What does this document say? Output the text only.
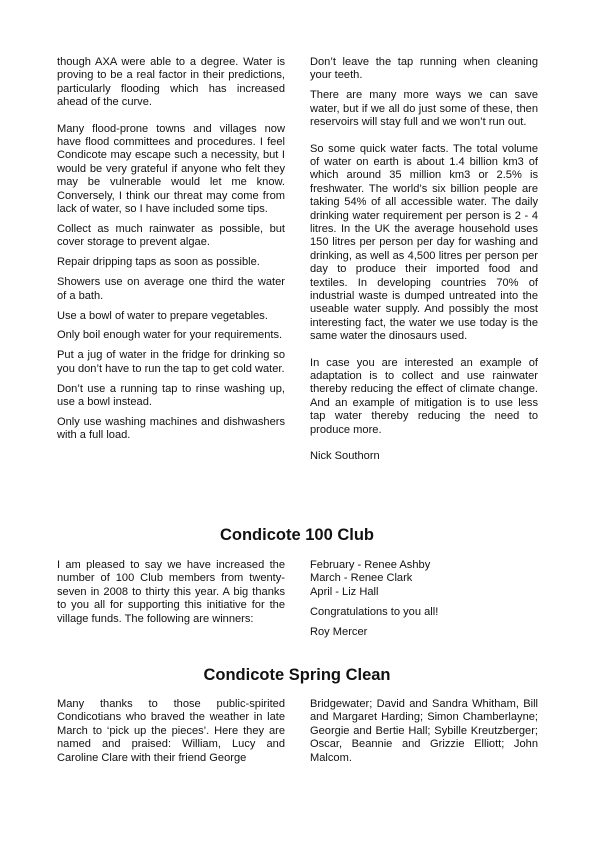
though AXA were able to a degree. Water is proving to be a real factor in their predictions, particularly flooding which has increased ahead of the curve.

Many flood-prone towns and villages now have flood committees and procedures. I feel Condicote may escape such a necessity, but I would be very grateful if anyone who felt they may be vulnerable would let me know. Conversely, I think our threat may come from lack of water, so I have included some tips.

Collect as much rainwater as possible, but cover storage to prevent algae.

Repair dripping taps as soon as possible.

Showers use on average one third the water of a bath.

Use a bowl of water to prepare vegetables.

Only boil enough water for your requirements.

Put a jug of water in the fridge for drinking so you don’t have to run the tap to get cold water.

Don’t use a running tap to rinse washing up, use a bowl instead.

Only use washing machines and dishwashers with a full load.

Don’t leave the tap running when cleaning your teeth.

There are many more ways we can save water, but if we all do just some of these, then reservoirs will stay full and we won’t run out.

So some quick water facts. The total volume of water on earth is about 1.4 billion km3 of which around 35 million km3 or 2.5% is freshwater. The world’s six billion people are taking 54% of all accessible water. The daily drinking water requirement per person is 2 - 4 litres. In the UK the average household uses 150 litres per person per day for washing and drinking, as well as 4,500 litres per person per day to produce their imported food and textiles. In developing countries 70% of industrial waste is dumped untreated into the useable water supply. And possibly the most interesting fact, the water we use today is the same water the dinosaurs used.

In case you are interested an example of adaptation is to collect and use rainwater thereby reducing the effect of climate change. And an example of mitigation is to use less tap water thereby reducing the need to produce more.

Nick Southorn

Condicote 100 Club

I am pleased to say we have increased the number of 100 Club members from twenty-seven in 2008 to thirty this year. A big thanks to you all for supporting this initiative for the village funds. The following are winners:

February - Renee Ashby
March - Renee Clark
April - Liz Hall

Congratulations to you all!

Roy Mercer

Condicote Spring Clean

Many thanks to those public-spirited Condicotians who braved the weather in late March to ‘pick up the pieces’. Here they are named and praised: William, Lucy and Caroline Clare with their friend George

Bridgewater; David and Sandra Whitham, Bill and Margaret Harding; Simon Chamberlayne; Georgie and Bertie Hall; Sybille Kreutzberger; Oscar, Beannie and Grizzie Elliott; John Malcom.
